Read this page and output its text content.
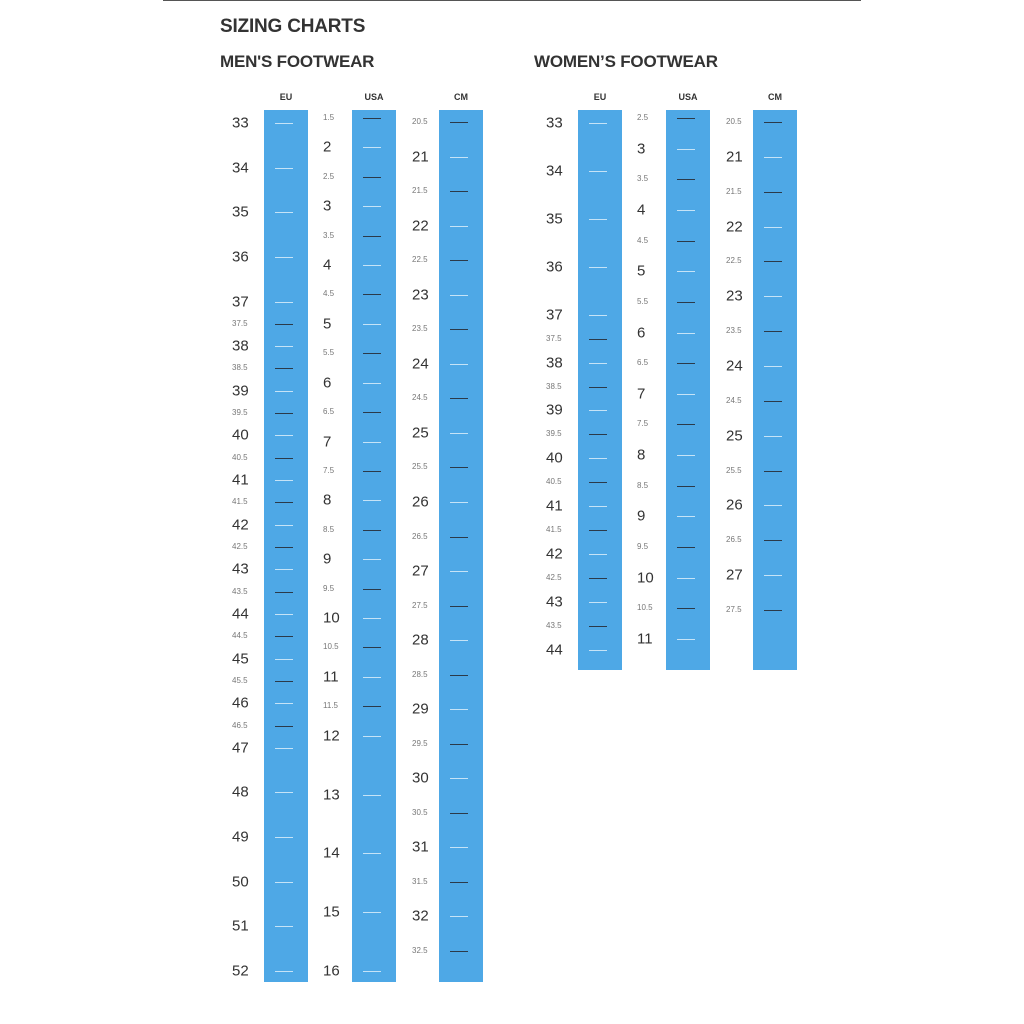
SIZING CHARTS
MEN'S FOOTWEAR	WOMEN’S FOOTWEAR
EU
33
34
35
36
37
38
39
40
41
42
43
44
45
46
47
48
49
50
51
52
37.5
38.5
39.5
40.5
41.5
42.5
43.5
44.5
45.5
46.5
USA
2
3
4
5
6
7
8
9
10
11
12
13
14
15
16
1.5
2.5
3.5
4.5
5.5
6.5
7.5
8.5
9.5
10.5
11.5
CM
21
22
23
24
25
26
27
28
29
30
31
32
20.5
21.5
22.5
23.5
24.5
25.5
26.5
27.5
28.5
29.5
30.5
31.5
32.5
EU
33
34
35
36
37
38
39
40
41
42
43
44
37.5
38.5
39.5
40.5
41.5
42.5
43.5
USA
3
4
5
6
7
8
9
10
11
2.5
3.5
4.5
5.5
6.5
7.5
8.5
9.5
10.5
CM
21
22
23
24
25
26
27
20.5
21.5
22.5
23.5
24.5
25.5
26.5
27.5
